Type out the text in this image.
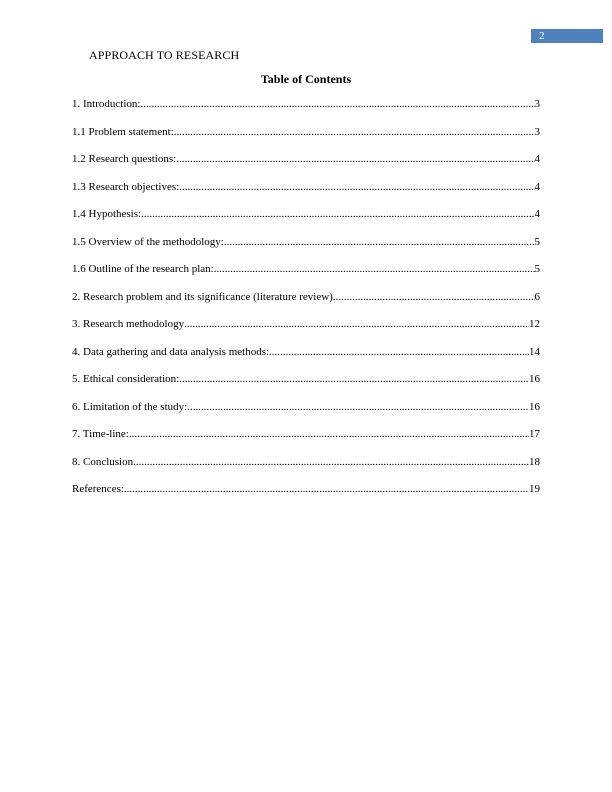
2
APPROACH TO RESEARCH
Table of Contents
1. Introduction: .....	3
1.1 Problem statement: .....	3
1.2 Research questions: .....	4
1.3 Research objectives: .....	4
1.4 Hypothesis: .....	4
1.5 Overview of the methodology: .....	5
1.6 Outline of the research plan: .....	5
2. Research problem and its significance (literature review) .....	6
3. Research methodology .....	12
4. Data gathering and data analysis methods: .....	14
5. Ethical consideration: .....	16
6. Limitation of the study: .....	16
7. Time-line: .....	17
8. Conclusion .....	18
References: .....	19
